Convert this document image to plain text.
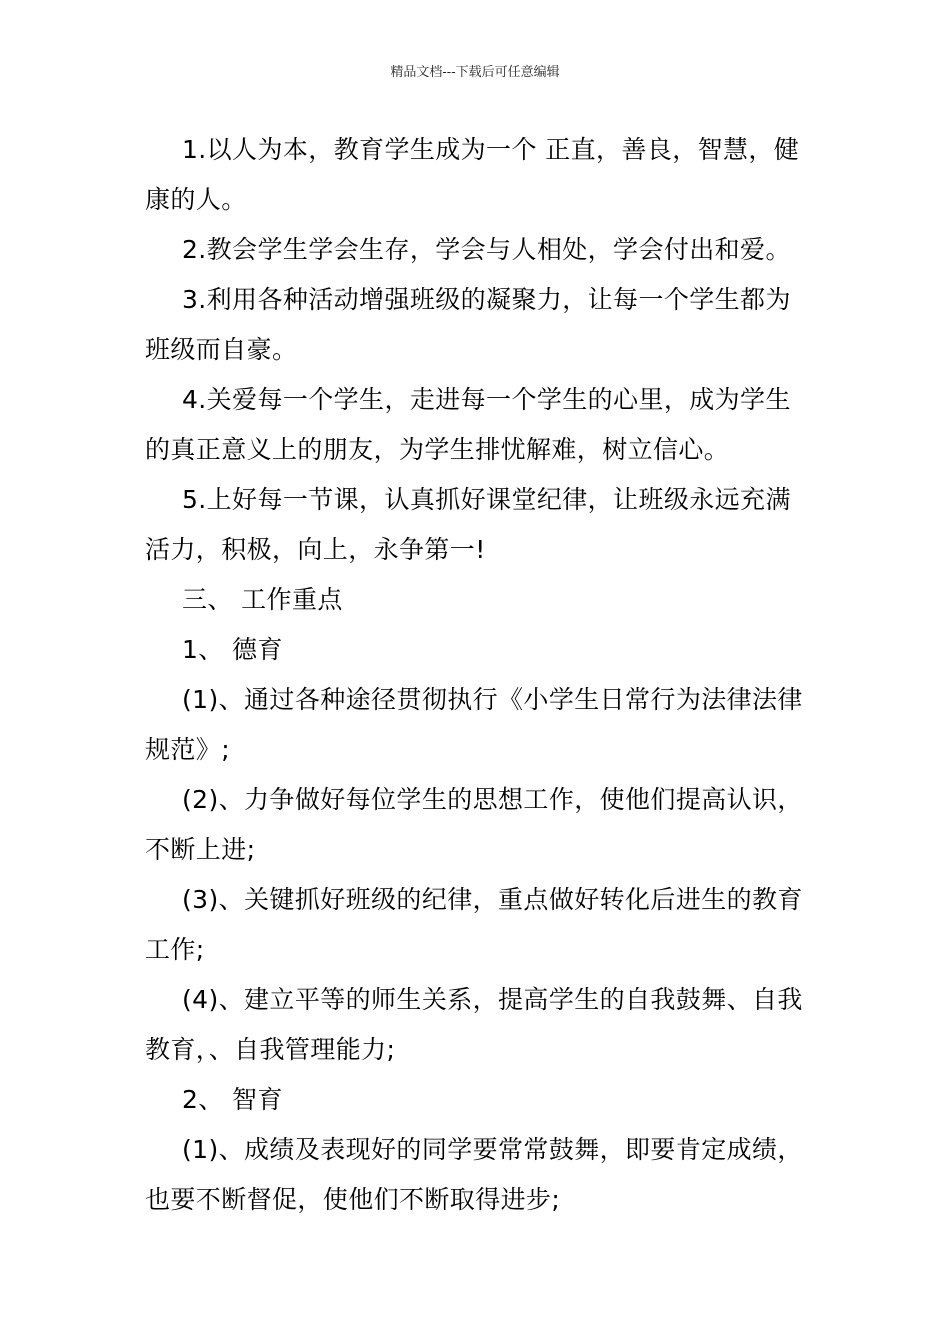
精品文档---下载后可任意编辑

1.以人为本，教育学生成为一个 正直，善良，智慧，健康的人。

2.教会学生学会生存，学会与人相处，学会付出和爱。

3.利用各种活动增强班级的凝聚力，让每一个学生都为班级而自豪。

4.关爱每一个学生，走进每一个学生的心里，成为学生的真正意义上的朋友，为学生排忧解难，树立信心。

5.上好每一节课，认真抓好课堂纪律，让班级永远充满活力，积极，向上，永争第一!

三、 工作重点

1、 德育

(1)、通过各种途径贯彻执行《小学生日常行为法律法律规范》;

(2)、力争做好每位学生的思想工作，使他们提高认识，不断上进;

(3)、关键抓好班级的纪律，重点做好转化后进生的教育工作;

(4)、建立平等的师生关系，提高学生的自我鼓舞、自我教育，、自我管理能力;

2、 智育

(1)、成绩及表现好的同学要常常鼓舞，即要肯定成绩，也要不断督促，使他们不断取得进步;
